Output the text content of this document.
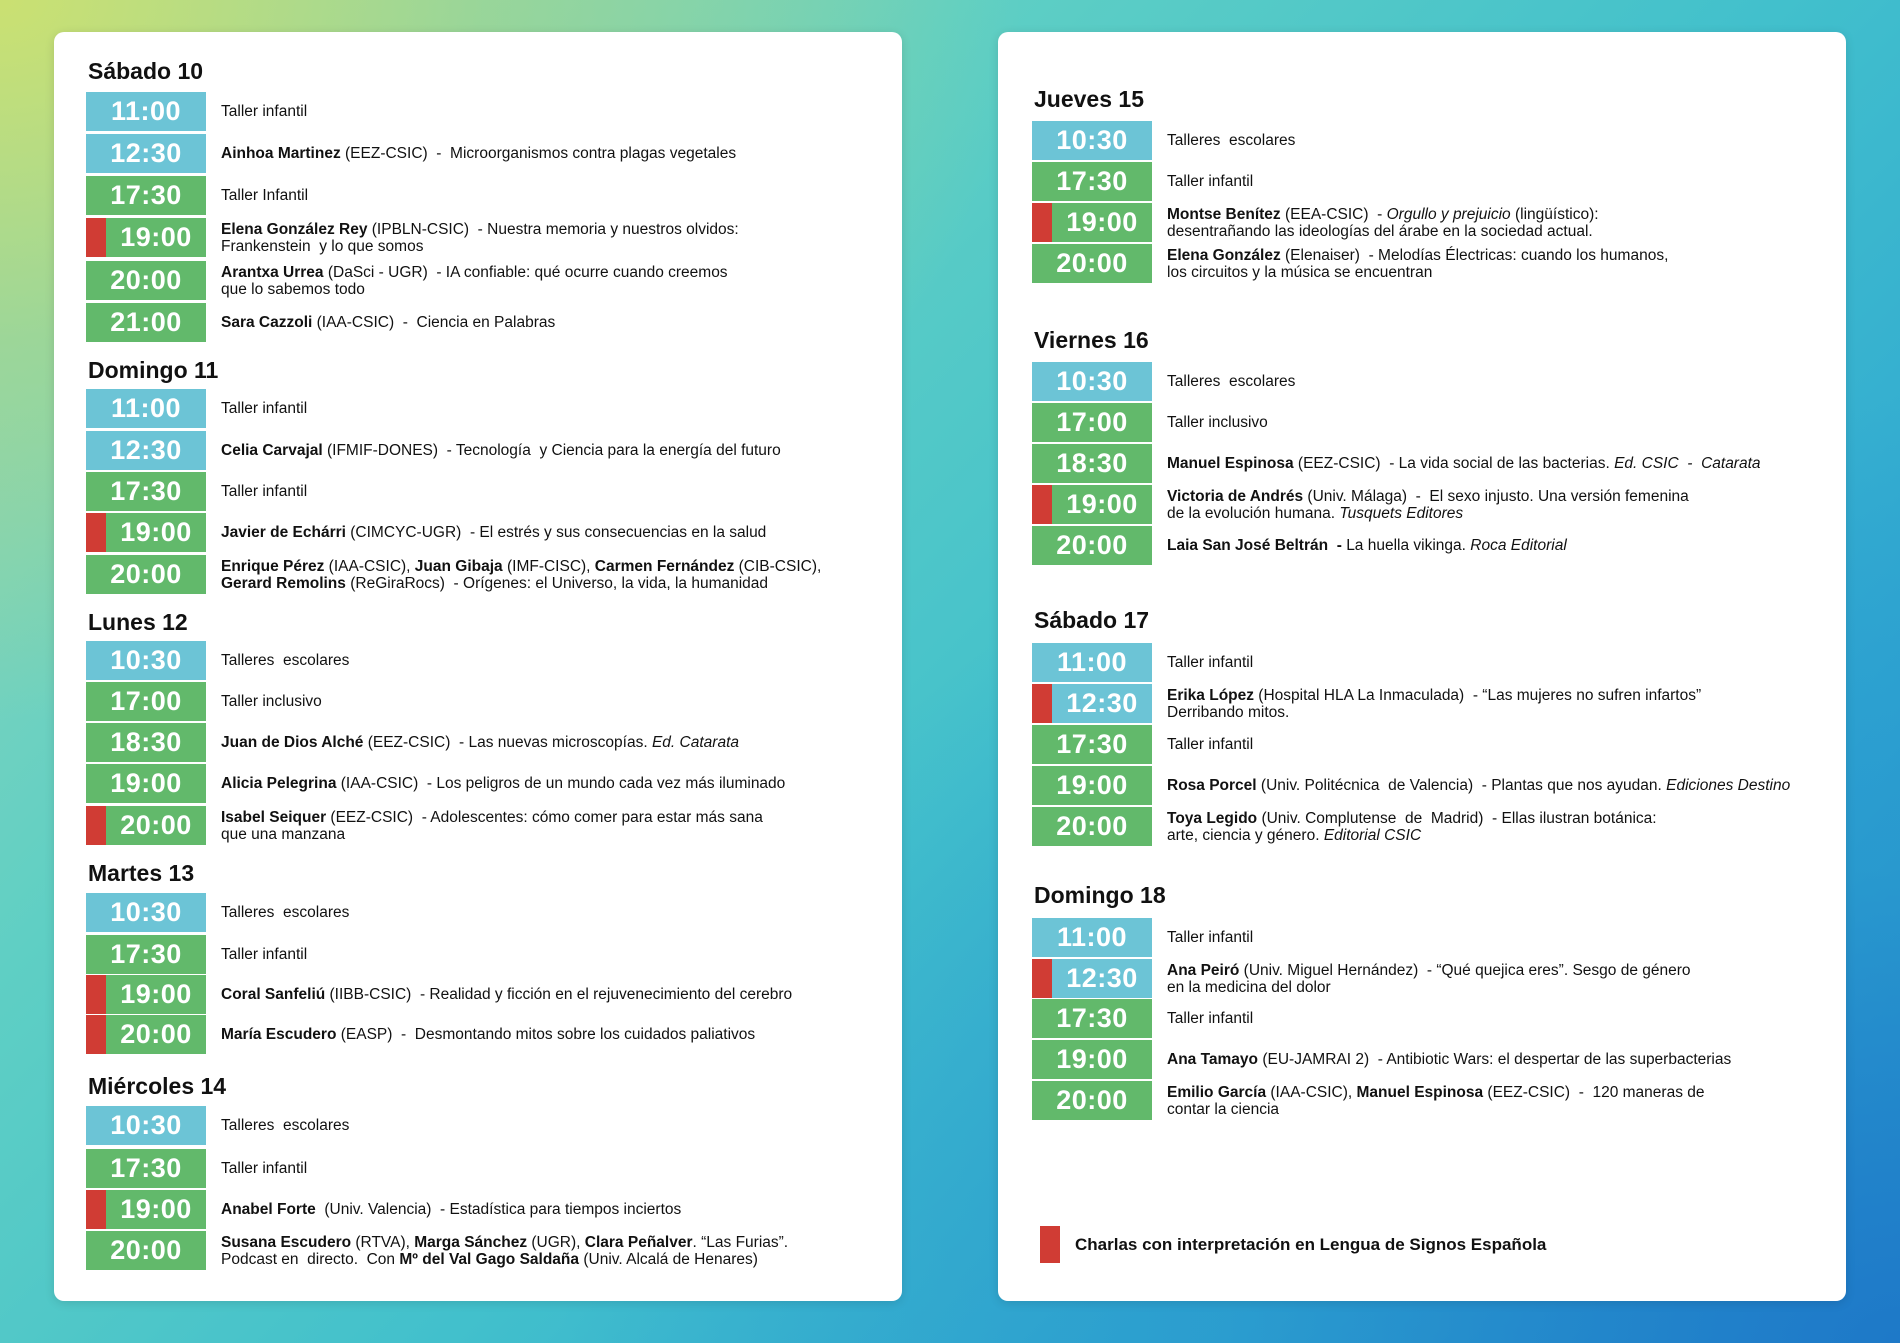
Sábado 10
11:00	Taller infantil
12:30	Ainhoa Martinez (EEZ-CSIC)  -  Microorganismos contra plagas vegetales
17:30	Taller Infantil
19:00 Elena González Rey (IPBLN-CSIC)  - Nuestra memoria y nuestros olvidos:
Frankenstein  y lo que somos
20:00	Arantxa Urrea (DaSci - UGR)  - IA confiable: qué ocurre cuando creemos
que lo sabemos todo
21:00	Sara Cazzoli (IAA-CSIC)  -  Ciencia en Palabras
Domingo 11
11:00	Taller infantil
12:30	Celia Carvajal (IFMIF-DONES)  - Tecnología  y Ciencia para la energía del futuro
17:30	Taller infantil
19:00 Javier de Echárri (CIMCYC-UGR)  - El estrés y sus consecuencias en la salud
20:00	Enrique Pérez (IAA-CSIC), Juan Gibaja (IMF-CISC), Carmen Fernández (CIB-CSIC),
Gerard Remolins (ReGiraRocs)  - Orígenes: el Universo, la vida, la humanidad
Lunes 12
10:30	Talleres  escolares
17:00	Taller inclusivo
18:30	Juan de Dios Alché (EEZ-CSIC)  - Las nuevas microscopías. Ed. Catarata
19:00	Alicia Pelegrina (IAA-CSIC)  - Los peligros de un mundo cada vez más iluminado
20:00 Isabel Seiquer (EEZ-CSIC)  - Adolescentes: cómo comer para estar más sana
que una manzana
Martes 13
10:30	Talleres  escolares
17:30	Taller infantil
19:00 Coral Sanfeliú (IIBB-CSIC)  - Realidad y ficción en el rejuvenecimiento del cerebro
20:00 María Escudero (EASP)  -  Desmontando mitos sobre los cuidados paliativos
Miércoles 14
10:30	Talleres  escolares
17:30	Taller infantil
19:00 Anabel Forte  (Univ. Valencia)  - Estadística para tiempos inciertos
20:00	Susana Escudero (RTVA), Marga Sánchez (UGR), Clara Peñalver. “Las Furias”.
Podcast en  directo.  Con Mº del Val Gago Saldaña (Univ. Alcalá de Henares)
Jueves 15
10:30	Talleres  escolares
17:30	Taller infantil
19:00 Montse Benítez (EEA-CSIC)  - Orgullo y prejuicio (lingüístico):
desentrañando las ideologías del árabe en la sociedad actual.
20:00	Elena González (Elenaiser)  - Melodías Électricas: cuando los humanos,
los circuitos y la música se encuentran
Viernes 16
10:30	Talleres  escolares
17:00	Taller inclusivo
18:30	Manuel Espinosa (EEZ-CSIC)  - La vida social de las bacterias. Ed. CSIC  -  Catarata
19:00 Victoria de Andrés (Univ. Málaga)  -  El sexo injusto. Una versión femenina
de la evolución humana. Tusquets Editores
20:00	Laia San José Beltrán  - La huella vikinga. Roca Editorial
Sábado 17
11:00	Taller infantil
12:30 Erika López (Hospital HLA La Inmaculada)  - “Las mujeres no sufren infartos”
Derribando mitos.
17:30	Taller infantil
19:00	Rosa Porcel (Univ. Politécnica  de Valencia)  - Plantas que nos ayudan. Ediciones Destino
20:00	Toya Legido (Univ. Complutense  de  Madrid)  - Ellas ilustran botánica:
arte, ciencia y género. Editorial CSIC
Domingo 18
11:00	Taller infantil
12:30 Ana Peiró (Univ. Miguel Hernández)  - “Qué quejica eres”. Sesgo de género
en la medicina del dolor
17:30	Taller infantil
19:00	Ana Tamayo (EU-JAMRAI 2)  - Antibiotic Wars: el despertar de las superbacterias
20:00	Emilio García (IAA-CSIC), Manuel Espinosa (EEZ-CSIC)  -  120 maneras de
contar la ciencia
Charlas con interpretación en Lengua de Signos Española
